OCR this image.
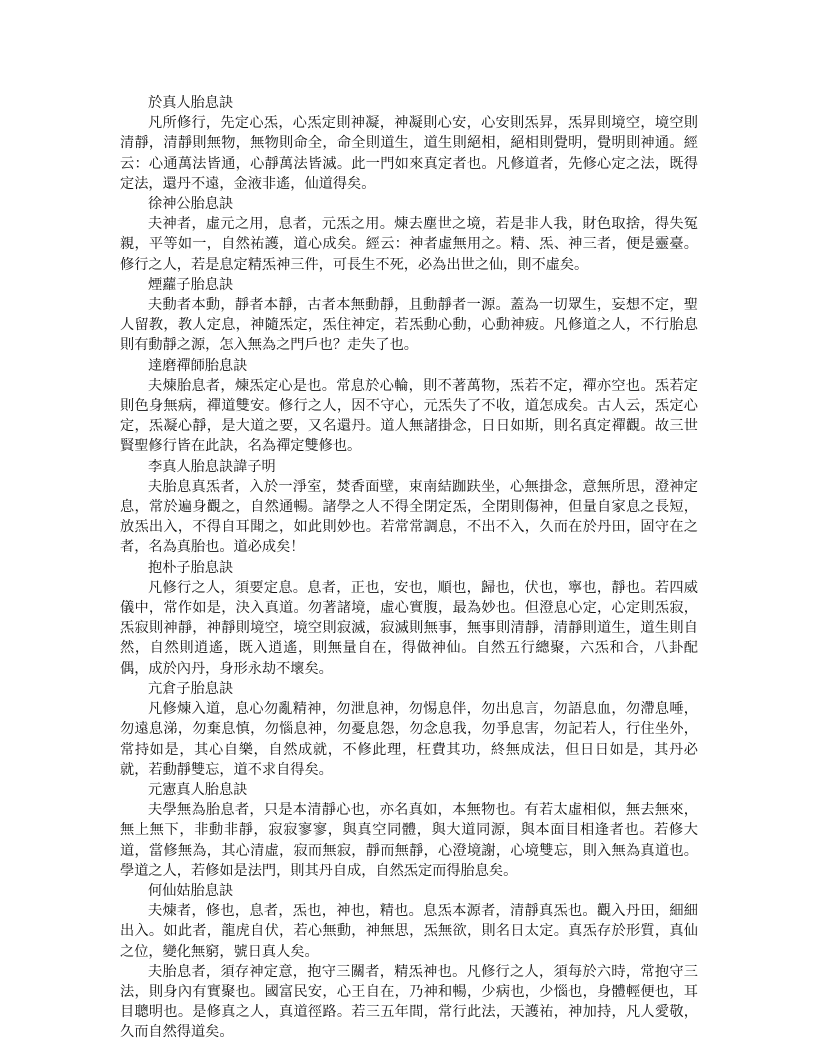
於真人胎息訣

凡所修行，先定心炁，心炁定則神凝，神凝則心安，心安則炁昇，炁昇則境空，境空則清靜，清靜則無物，無物則命全，命全則道生，道生則絕相，絕相則覺明，覺明則神通。經云：心通萬法皆通，心靜萬法皆滅。此一門如來真定者也。凡修道者，先修心定之法，既得定法，還丹不遠，金液非遙，仙道得矣。

徐神公胎息訣

夫神者，虛元之用，息者，元炁之用。煉去塵世之境，若是非人我，財色取捨，得失冤親，平等如一，自然祐護，道心成矣。經云：神者虛無用之。精、炁、神三者，便是靈臺。修行之人，若是息定精炁神三件，可長生不死，必為出世之仙，則不虛矣。

煙蘿子胎息訣

夫動者本動，靜者本靜，古者本無動靜，且動靜者一源。蓋為一切眾生，妄想不定，聖人留教，教人定息，神隨炁定，炁住神定，若炁動心動，心動神疲。凡修道之人，不行胎息則有動靜之源，怎入無為之門戶也？走失了也。

達磨禪師胎息訣

夫煉胎息者，煉炁定心是也。常息於心輪，則不著萬物，炁若不定，禪亦空也。炁若定則色身無病，禪道雙安。修行之人，因不守心，元炁失了不收，道怎成矣。古人云，炁定心定，炁凝心靜，是大道之要，又名還丹。道人無諸掛念，日日如斯，則名真定禪觀。故三世賢聖修行皆在此訣，名為禪定雙修也。

李真人胎息訣諱子明

夫胎息真炁者，入於一淨室，焚香面壁，束南結跏趺坐，心無掛念，意無所思，澄神定息，常於遍身觀之，自然通暢。諸學之人不得全閉定炁，全閉則傷神，但量自家息之長短，放炁出入，不得自耳聞之，如此則妙也。若常常調息，不出不入，久而在於丹田，固守在之者，名為真胎也。道必成矣！

抱朴子胎息訣

凡修行之人，須要定息。息者，正也，安也，順也，歸也，伏也，寧也，靜也。若四威儀中，常作如是，決入真道。勿著諸境，虛心實腹，最為妙也。但澄息心定，心定則炁寂，炁寂則神靜，神靜則境空，境空則寂滅，寂滅則無事，無事則清靜，清靜則道生，道生則自然，自然則逍遙，既入逍遙，則無量自在，得做神仙。自然五行總聚，六炁和合，八卦配偶，成於內丹，身形永劫不壞矣。

亢倉子胎息訣

凡修煉入道，息心勿亂精神，勿泄息神，勿惕息伴，勿出息言，勿語息血，勿滯息唾，勿遠息涕，勿棄息慎，勿惱息神，勿憂息怨，勿念息我，勿爭息害，勿記若人，行住坐外，常持如是，其心自樂，自然成就，不修此理，枉費其功，終無成法，但日日如是，其丹必就，若動靜雙忘，道不求自得矣。

元憲真人胎息訣

夫學無為胎息者，只是本清靜心也，亦名真如，本無物也。有若太虛相似，無去無來，無上無下，非動非靜，寂寂寥寥，與真空同體，與大道同源，與本面目相逢者也。若修大道，當修無為，其心清虛，寂而無寂，靜而無靜，心澄境謝，心境雙忘，則入無為真道也。學道之人，若修如是法門，則其丹自成，自然炁定而得胎息矣。

何仙姑胎息訣

夫煉者，修也，息者，炁也，神也，精也。息炁本源者，清靜真炁也。觀入丹田，細細出入。如此者，龍虎自伏，若心無動，神無思，炁無欲，則名日太定。真炁存於形質，真仙之位，變化無窮，號日真人矣。

夫胎息者，須存神定意，抱守三關者，精炁神也。凡修行之人，須每於六時，常抱守三法，則身內有實聚也。國富民安，心王自在，乃神和暢，少病也，少惱也，身體輕便也，耳目聰明也。是修真之人，真道徑路。若三五年間，常行此法，天護祐，神加持，凡人愛敬，久而自然得道矣。
